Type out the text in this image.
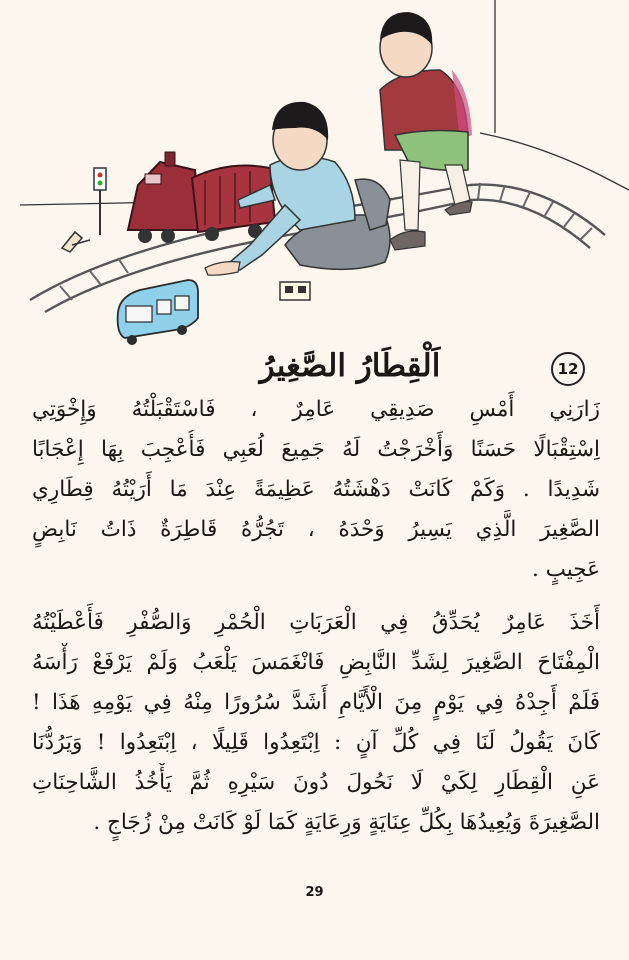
12
اَلْقِطَارُ الصَّغِيرُ
زَارَنِي أَمْسِ صَدِيقِي عَامِرٌ ، فَاسْتَقْبَلْتُهُ وَإِخْوَتِي
اِسْتِقْبَالًا حَسَنًا وَأَخْرَجْتُ لَهُ جَمِيعَ لُعَبِي فَأُعْجِبَ بِهَا إِعْجَابًا
شَدِيدًا . وَكَمْ كَانَتْ دَهْشَتُهُ عَظِيمَةً عِنْدَ مَا أَرَيْتُهُ قِطَارِي
الصَّغِيرَ الَّذِي يَسِيرُ وَحْدَهُ ، تَجُرُّهُ قَاطِرَةٌ ذَاتُ نَابِضٍ
عَجِيبٍ .
أَخَذَ عَامِرٌ يُحَدِّقُ فِي الْعَرَبَاتِ الْحُمْرِ وَالصُّفْرِ فَأَعْطَيْتُهُ
الْمِفْتَاحَ الصَّغِيرَ لِشَدِّ النَّابِضِ فَانْغَمَسَ يَلْعَبُ وَلَمْ يَرْفَعْ رَأْسَهُ
فَلَمْ أَجِدْهُ فِي يَوْمٍ مِنَ الْأَيَّامِ أَشَدَّ سُرُورًا مِنْهُ فِي يَوْمِهِ هَذَا !
كَانَ يَقُولُ لَنَا فِي كُلِّ آنٍ : اِبْتَعِدُوا قَلِيلًا ، اِبْتَعِدُوا ! وَيَرُدُّنَا
عَنِ الْقِطَارِ لِكَيْ لَا نَحُولَ دُونَ سَيْرِهِ ثُمَّ يَأْخُذُ الشَّاحِنَاتِ
الصَّغِيرَةَ وَيُعِيدُهَا بِكُلِّ عِنَايَةٍ وَرِعَايَةٍ كَمَا لَوْ كَانَتْ مِنْ زُجَاجٍ .
29
